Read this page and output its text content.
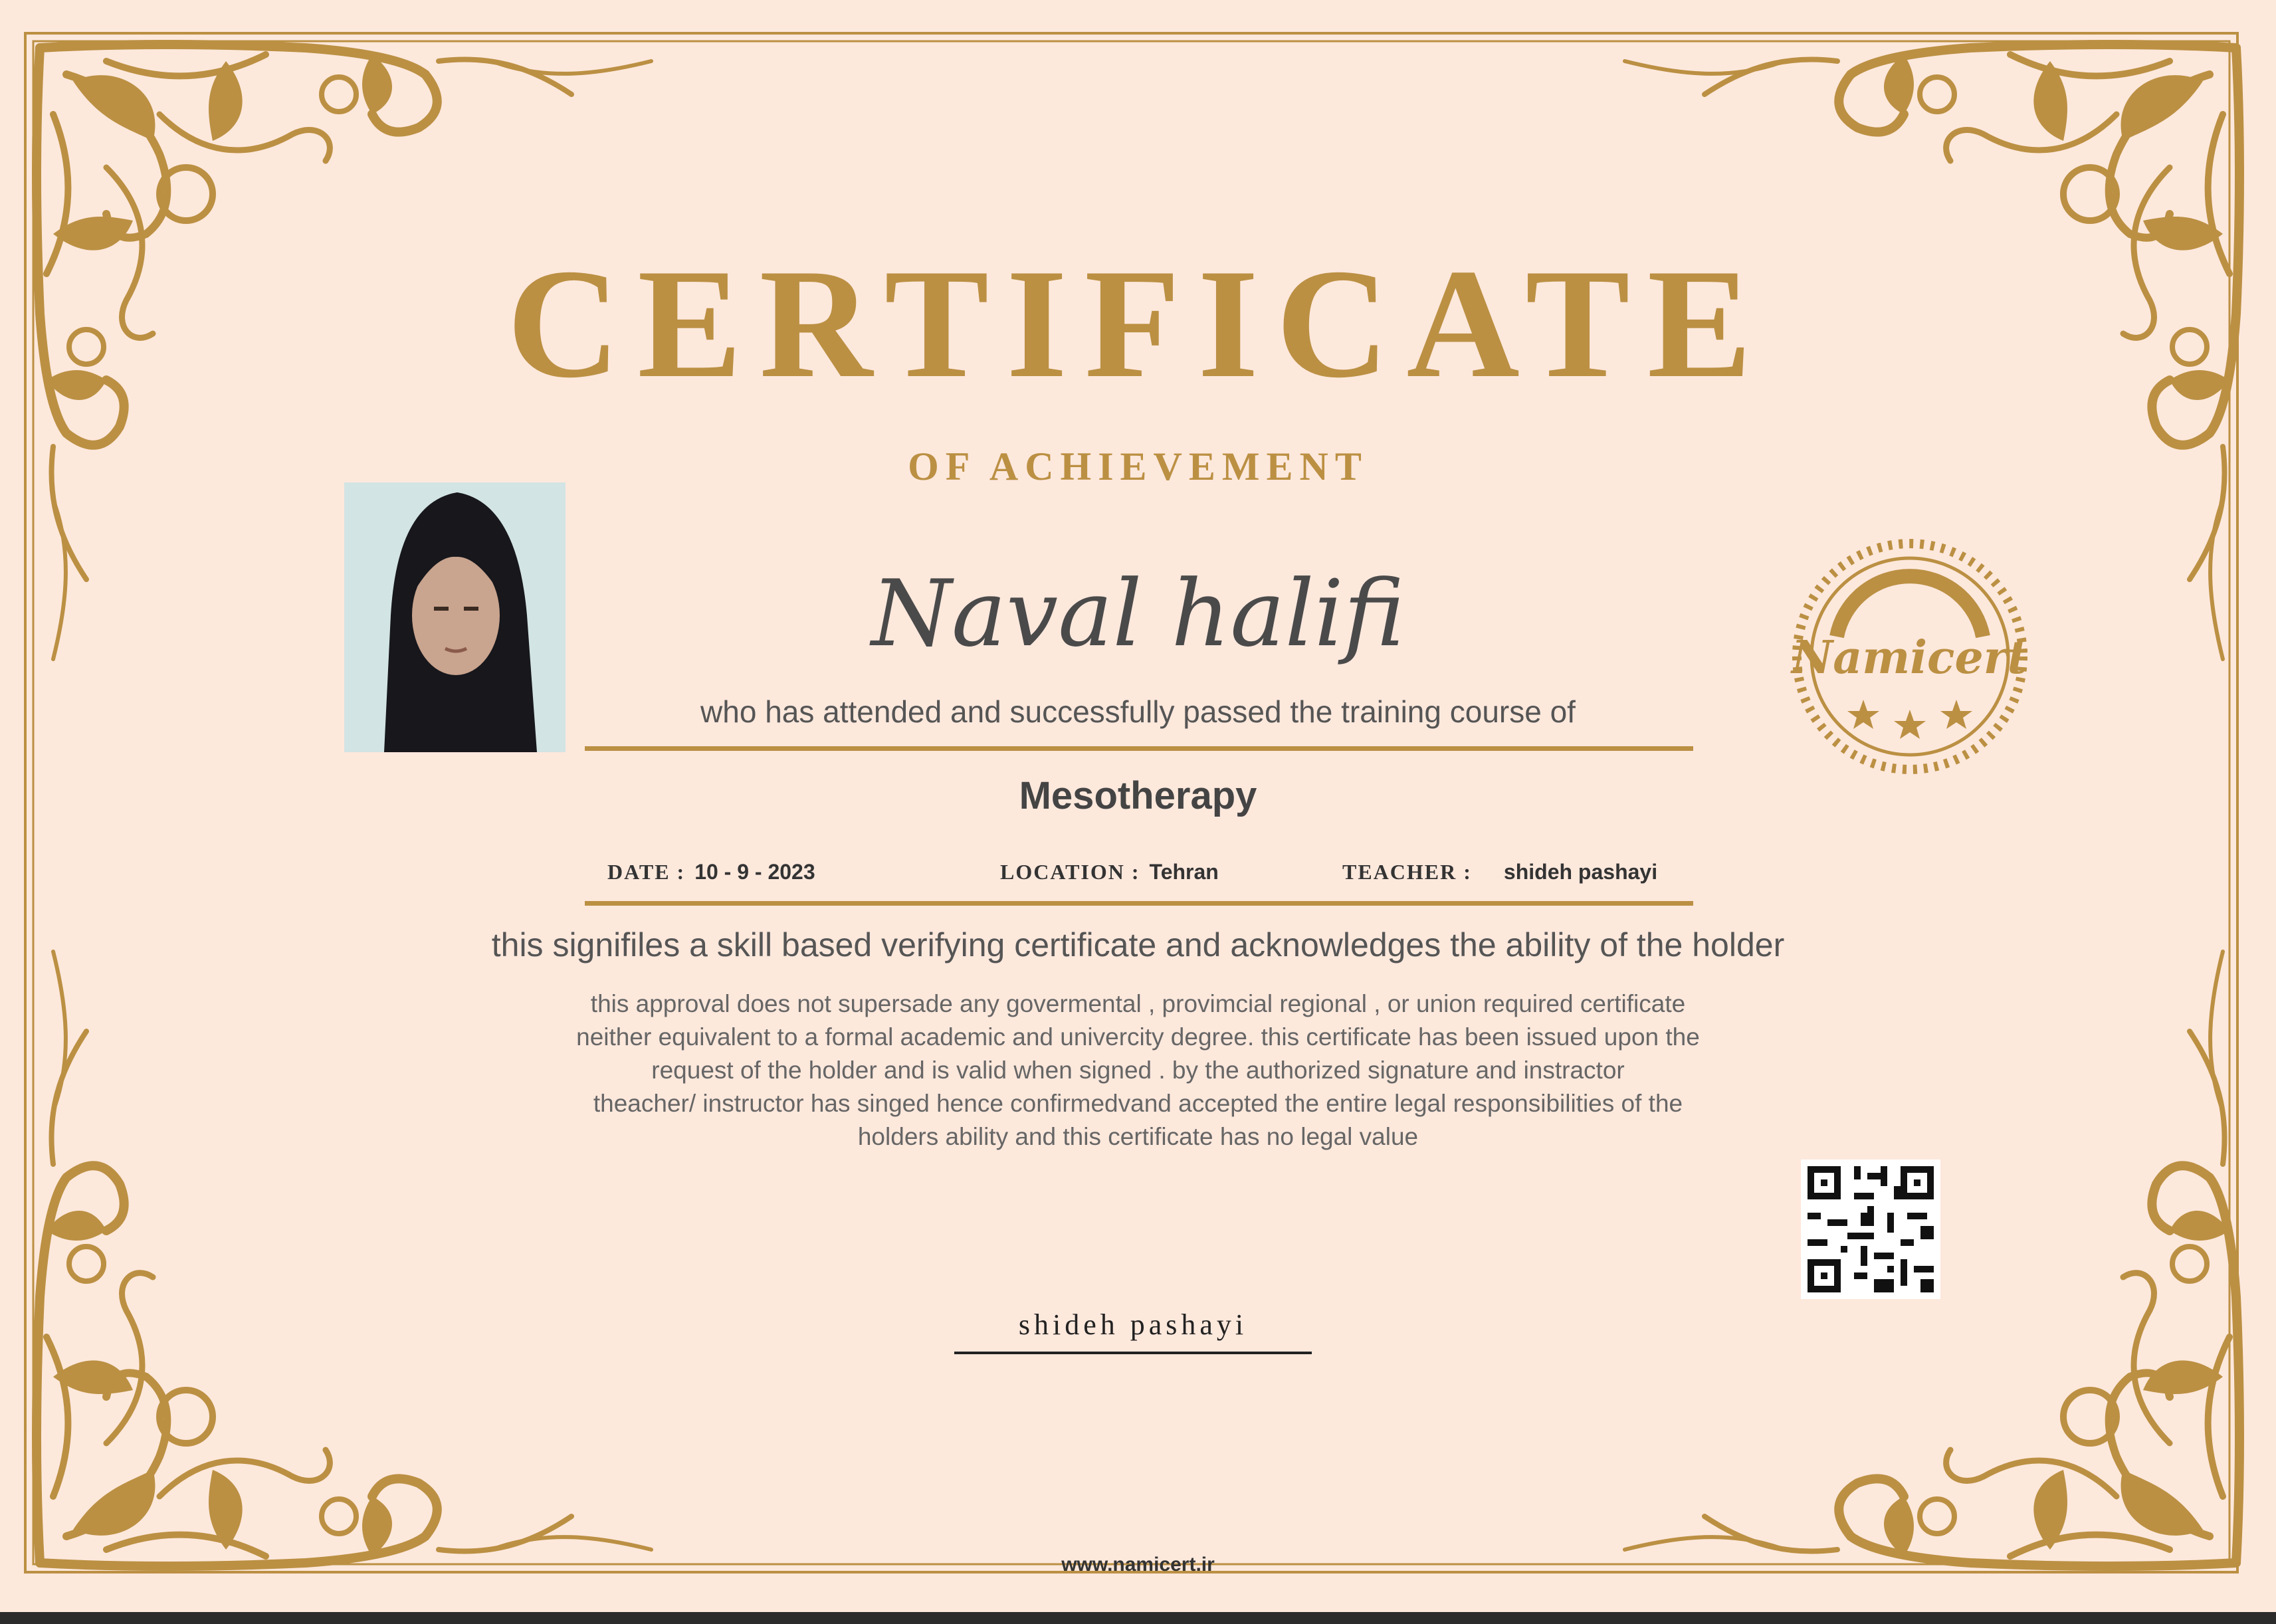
CERTIFICATE
OF ACHIEVEMENT
Naval halifi
who has attended and successfully passed the training course of
Mesotherapy
DATE : 10 - 9 - 2023	LOCATION : Tehran	TEACHER : shideh pashayi
this signifiles a skill based verifying certificate and acknowledges the ability of the holder
this approval does not supersade any govermental , provimcial regional , or union required certificate
neither equivalent to a formal academic and univercity degree. this certificate has been issued upon the
request of the holder and is valid when signed . by the authorized signature and instractor
theacher/ instructor has singed hence confirmedvand accepted the entire legal responsibilities of the
holders ability and this certificate has no legal value
Namicert
shideh pashayi
www.namicert.ir
